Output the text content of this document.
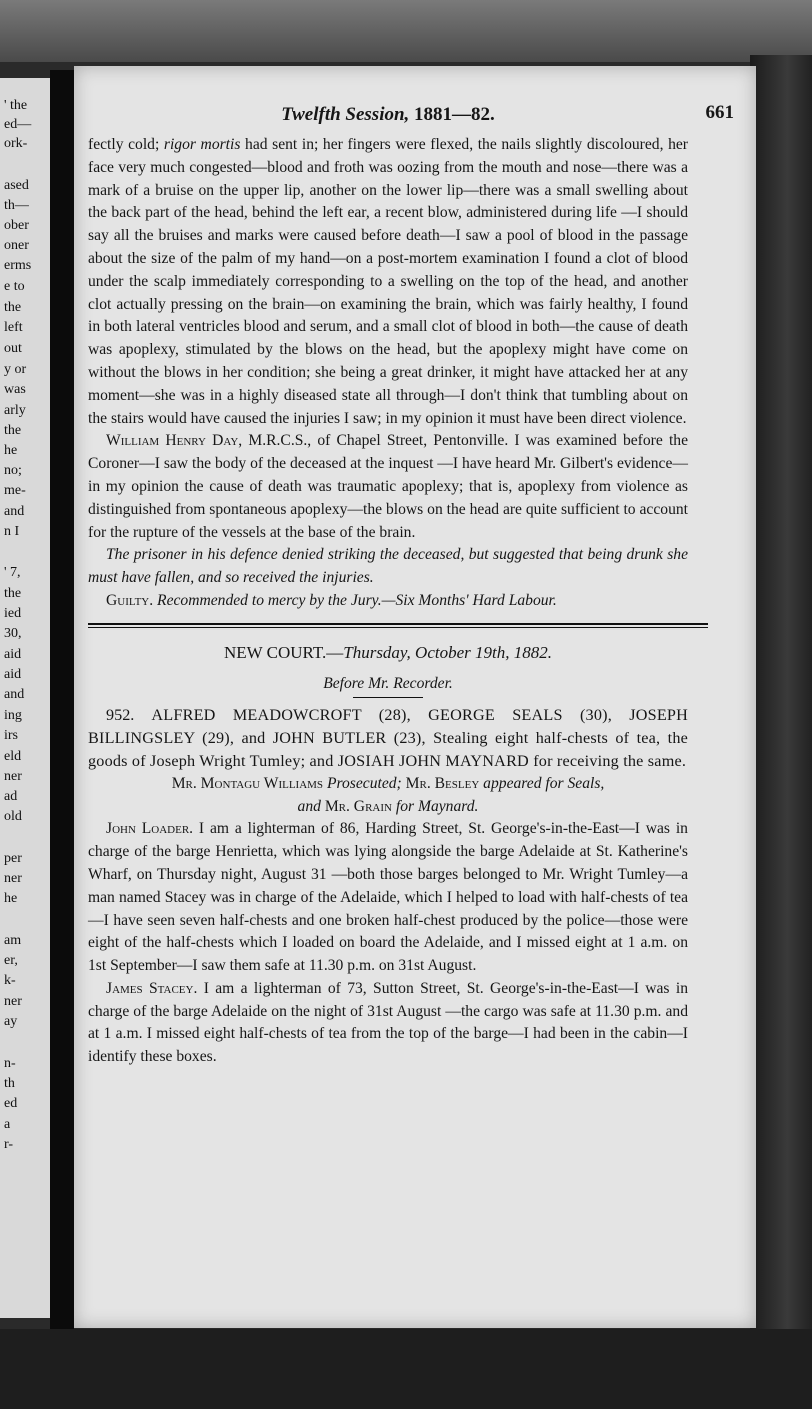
' the
ed—
ork-
ased
th—
ober
oner
erms
e to
the
left
out
y or
was
arly
the
he
no;
me-
and
n I
' 7,
the
ied
30,
aid
aid
and
ing
irs
eld
ner
ad
old
per
ner
he
am
er,
k-
ner
ay
n-
th
ed
a
r-
Twelfth Session, 1881—82.	661

fectly cold; rigor mortis had sent in; her fingers were flexed, the nails slightly discoloured, her face very much congested—blood and froth was oozing from the mouth and nose—there was a mark of a bruise on the upper lip, another on the lower lip—there was a small swelling about the back part of the head, behind the left ear, a recent blow, administered during life —I should say all the bruises and marks were caused before death—I saw a pool of blood in the passage about the size of the palm of my hand—on a post-mortem examination I found a clot of blood under the scalp immediately corresponding to a swelling on the top of the head, and another clot actually pressing on the brain—on examining the brain, which was fairly healthy, I found in both lateral ventricles blood and serum, and a small clot of blood in both—the cause of death was apoplexy, stimulated by the blows on the head, but the apoplexy might have come on without the blows in her condition; she being a great drinker, it might have attacked her at any moment—she was in a highly diseased state all through—I don't think that tumbling about on the stairs would have caused the injuries I saw; in my opinion it must have been direct violence.

William Henry Day, M.R.C.S., of Chapel Street, Pentonville. I was examined before the Coroner—I saw the body of the deceased at the inquest —I have heard Mr. Gilbert's evidence—in my opinion the cause of death was traumatic apoplexy; that is, apoplexy from violence as distinguished from spontaneous apoplexy—the blows on the head are quite sufficient to account for the rupture of the vessels at the base of the brain.

The prisoner in his defence denied striking the deceased, but suggested that being drunk she must have fallen, and so received the injuries.

Guilty. Recommended to mercy by the Jury.—Six Months' Hard Labour.

NEW COURT.—Thursday, October 19th, 1882.

Before Mr. Recorder.

952. ALFRED MEADOWCROFT (28), GEORGE SEALS (30), JOSEPH BILLINGSLEY (29), and JOHN BUTLER (23), Stealing eight half-chests of tea, the goods of Joseph Wright Tumley; and JOSIAH JOHN MAYNARD for receiving the same.

Mr. Montagu Williams Prosecuted; Mr. Besley appeared for Seals,

and Mr. Grain for Maynard.

John Loader. I am a lighterman of 86, Harding Street, St. George's-in-the-East—I was in charge of the barge Henrietta, which was lying alongside the barge Adelaide at St. Katherine's Wharf, on Thursday night, August 31 —both those barges belonged to Mr. Wright Tumley—a man named Stacey was in charge of the Adelaide, which I helped to load with half-chests of tea—I have seen seven half-chests and one broken half-chest produced by the police—those were eight of the half-chests which I loaded on board the Adelaide, and I missed eight at 1 a.m. on 1st September—I saw them safe at 11.30 p.m. on 31st August.

James Stacey. I am a lighterman of 73, Sutton Street, St. George's-in-the-East—I was in charge of the barge Adelaide on the night of 31st August —the cargo was safe at 11.30 p.m. and at 1 a.m. I missed eight half-chests of tea from the top of the barge—I had been in the cabin—I identify these boxes.
